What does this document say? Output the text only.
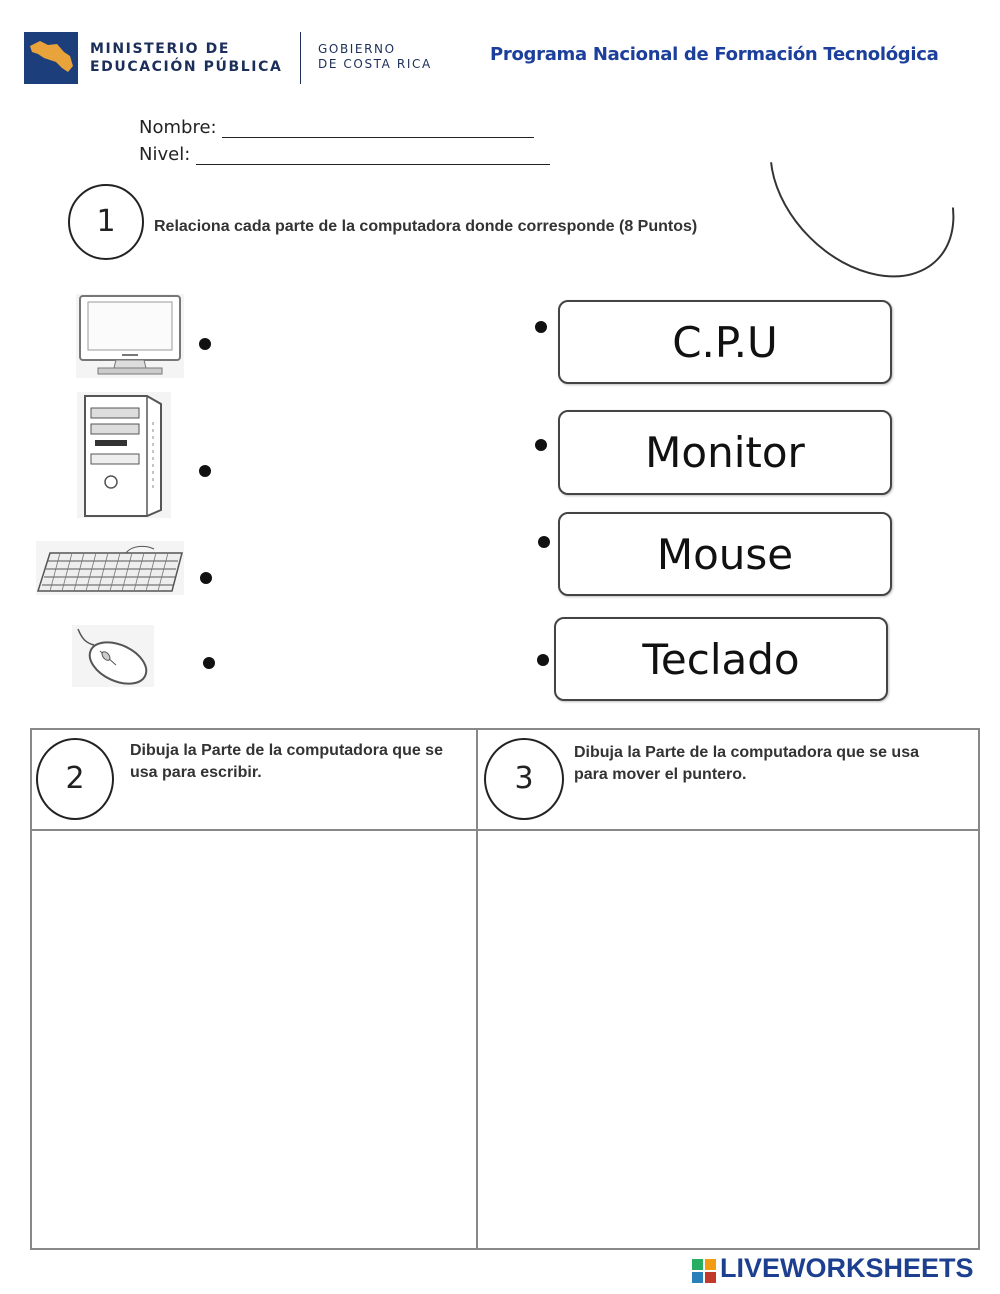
MINISTERIO DE
EDUCACIÓN PÚBLICA
GOBIERNO
DE COSTA RICA	Programa Nacional de Formación Tecnológica
Nombre:
Nivel:
1	Relaciona cada parte de la computadora donde corresponde (8 Puntos)
C.P.U
Monitor
Mouse
Teclado
2
Dibuja la Parte de la computadora que se
usa para escribir.	3
Dibuja la Parte de la computadora que se usa
para mover el puntero.
LIVEWORKSHEETS
